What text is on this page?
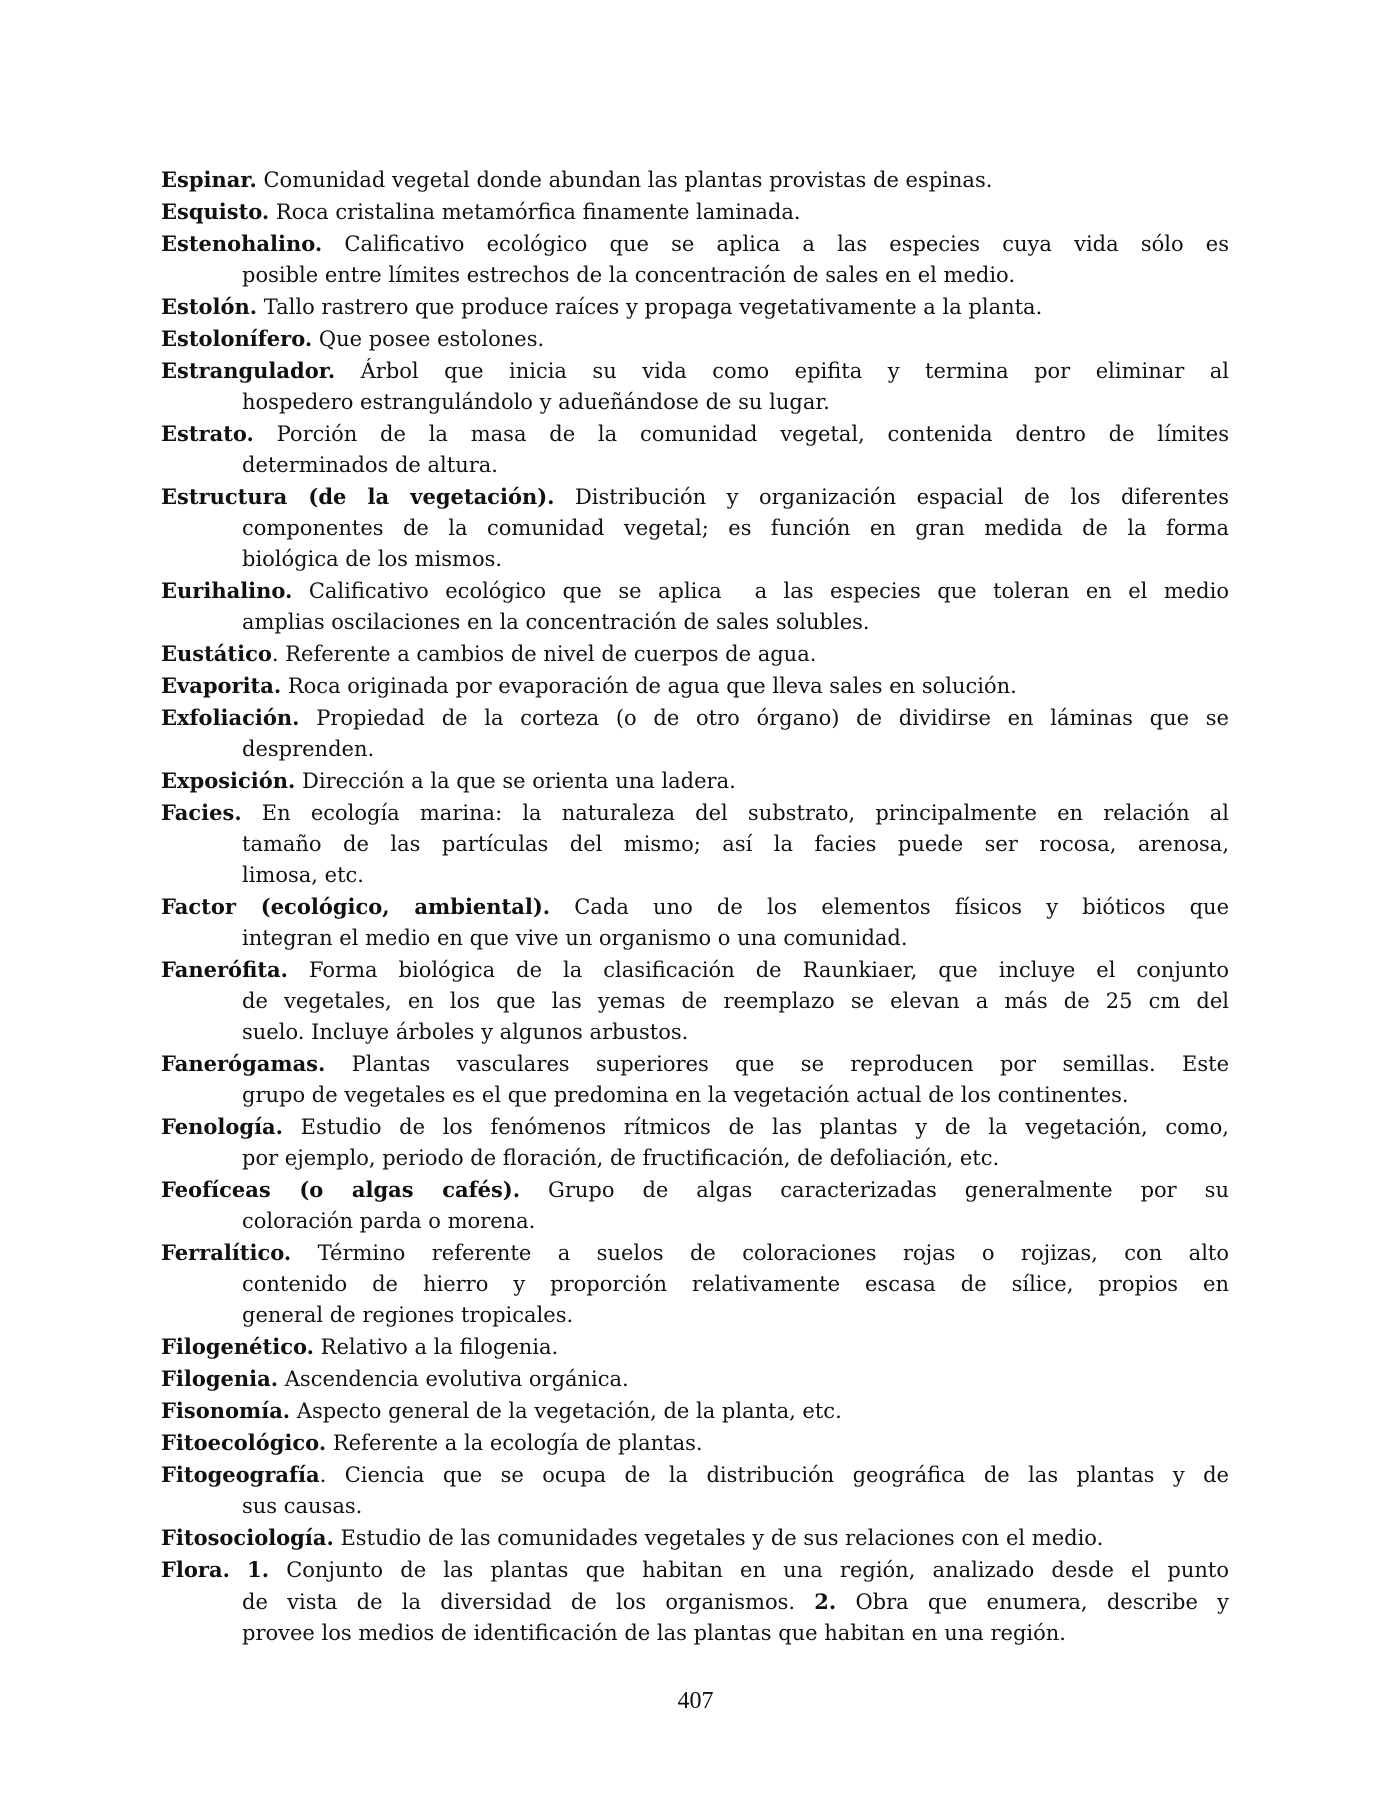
Espinar. Comunidad vegetal donde abundan las plantas provistas de espinas.
Esquisto. Roca cristalina metamórfica finamente laminada.
Estenohalino. Calificativo ecológico que se aplica a las especies cuya vida sólo es
posible entre límites estrechos de la concentración de sales en el medio.
Estolón. Tallo rastrero que produce raíces y propaga vegetativamente a la planta.
Estolonífero. Que posee estolones.
Estrangulador. Árbol que inicia su vida como epifita y termina por eliminar al
hospedero estrangulándolo y adueñándose de su lugar.
Estrato. Porción de la masa de la comunidad vegetal, contenida dentro de límites
determinados de altura.
Estructura (de la vegetación). Distribución y organización espacial de los diferentes
componentes de la comunidad vegetal; es función en gran medida de la forma
biológica de los mismos.
Eurihalino. Calificativo ecológico que se aplica  a las especies que toleran en el medio
amplias oscilaciones en la concentración de sales solubles.
Eustático. Referente a cambios de nivel de cuerpos de agua.
Evaporita. Roca originada por evaporación de agua que lleva sales en solución.
Exfoliación. Propiedad de la corteza (o de otro órgano) de dividirse en láminas que se
desprenden.
Exposición. Dirección a la que se orienta una ladera.
Facies. En ecología marina: la naturaleza del substrato, principalmente en relación al
tamaño de las partículas del mismo; así la facies puede ser rocosa, arenosa,
limosa, etc.
Factor (ecológico, ambiental). Cada uno de los elementos físicos y bióticos que
integran el medio en que vive un organismo o una comunidad.
Fanerófita. Forma biológica de la clasificación de Raunkiaer, que incluye el conjunto
de vegetales, en los que las yemas de reemplazo se elevan a más de 25 cm del
suelo. Incluye árboles y algunos arbustos.
Fanerógamas. Plantas vasculares superiores que se reproducen por semillas. Este
grupo de vegetales es el que predomina en la vegetación actual de los continentes.
Fenología. Estudio de los fenómenos rítmicos de las plantas y de la vegetación, como,
por ejemplo, periodo de floración, de fructificación, de defoliación, etc.
Feofíceas (o algas cafés). Grupo de algas caracterizadas generalmente por su
coloración parda o morena.
Ferralítico. Término referente a suelos de coloraciones rojas o rojizas, con alto
contenido de hierro y proporción relativamente escasa de sílice, propios en
general de regiones tropicales.
Filogenético. Relativo a la filogenia.
Filogenia. Ascendencia evolutiva orgánica.
Fisonomía. Aspecto general de la vegetación, de la planta, etc.
Fitoecológico. Referente a la ecología de plantas.
Fitogeografía. Ciencia que se ocupa de la distribución geográfica de las plantas y de
sus causas.
Fitosociología. Estudio de las comunidades vegetales y de sus relaciones con el medio.
Flora. 1. Conjunto de las plantas que habitan en una región, analizado desde el punto
de vista de la diversidad de los organismos. 2. Obra que enumera, describe y
provee los medios de identificación de las plantas que habitan en una región.
407
